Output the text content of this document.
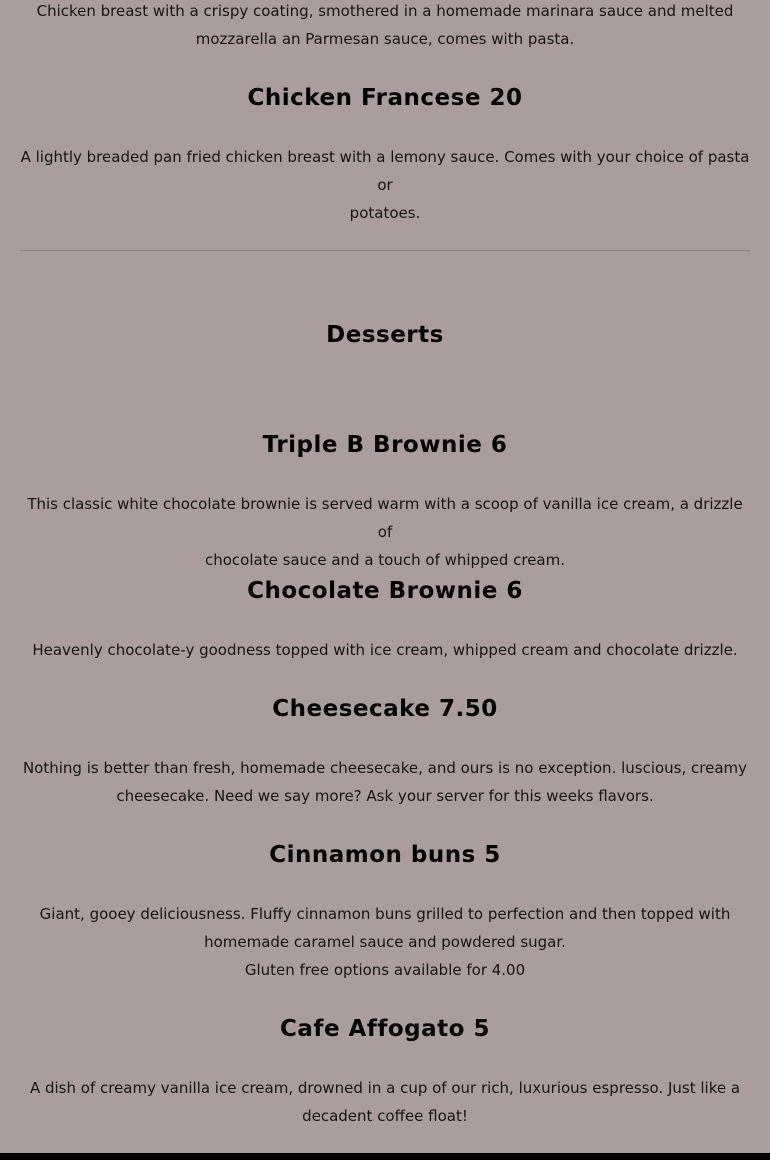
Chicken breast with a crispy coating, smothered in a homemade marinara sauce and melted
mozzarella an Parmesan sauce, comes with pasta.
Chicken Francese 20
A lightly breaded pan fried chicken breast with a lemony sauce. Comes with your choice of pasta or
potatoes.
Desserts
Triple B Brownie 6
This classic white chocolate brownie is served warm with a scoop of vanilla ice cream, a drizzle of
chocolate sauce and a touch of whipped cream.
Chocolate Brownie 6
Heavenly chocolate-y goodness topped with ice cream, whipped cream and chocolate drizzle.
Cheesecake 7.50
Nothing is better than fresh, homemade cheesecake, and ours is no exception. luscious, creamy
cheesecake. Need we say more? Ask your server for this weeks flavors.
Cinnamon buns 5
Giant, gooey deliciousness. Fluffy cinnamon buns grilled to perfection and then topped with
homemade caramel sauce and powdered sugar.
Gluten free options available for 4.00
Cafe Affogato 5
A dish of creamy vanilla ice cream, drowned in a cup of our rich, luxurious espresso. Just like a
decadent coffee float!
